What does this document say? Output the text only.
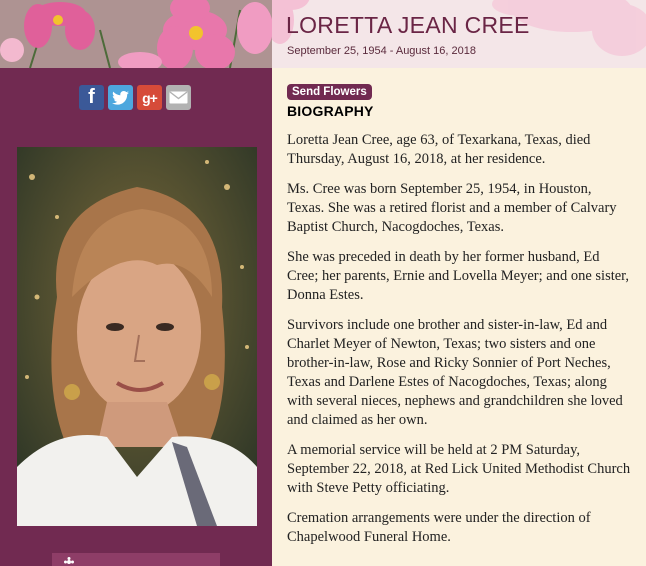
f	g+
LORETTA JEAN CREE
September 25, 1954 - August 16, 2018
Send Flowers
BIOGRAPHY

Loretta Jean Cree, age 63, of Texarkana, Texas, died Thursday, August 16, 2018, at her residence.

Ms. Cree was born September 25, 1954, in Houston, Texas. She was a retired florist and a member of Calvary Baptist Church, Nacogdoches, Texas.

She was preceded in death by her former husband, Ed Cree; her parents, Ernie and Lovella Meyer; and one sister, Donna Estes.

Survivors include one brother and sister-in-law, Ed and Charlet Meyer of Newton, Texas; two sisters and one brother-in-law, Rose and Ricky Sonnier of Port Neches, Texas and Darlene Estes of Nacogdoches, Texas; along with several nieces, nephews and grandchildren she loved and claimed as her own.

A memorial service will be held at 2 PM Saturday, September 22, 2018, at Red Lick United Methodist Church with Steve Petty officiating.

Cremation arrangements were under the direction of Chapelwood Funeral Home.
